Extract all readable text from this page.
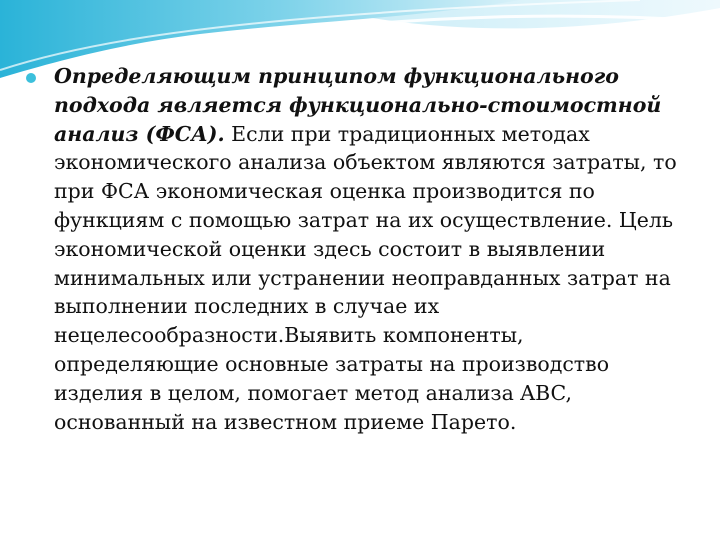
Определяющим принципом функционального подхода является функционально-стоимостной анализ (ФСА). Если при традиционных методах экономического анализа объектом являются затраты, то при ФСА экономическая оценка производится по функциям с помощью затрат на их осуществление. Цель экономической оценки здесь состоит в выявлении минимальных или устранении неоправданных затрат на выполнении последних в случае их нецелесообразности.Выявить компоненты, определяющие основные затраты на производство изделия в целом, помогает метод анализа ABC, основанный на известном приеме Парето.
